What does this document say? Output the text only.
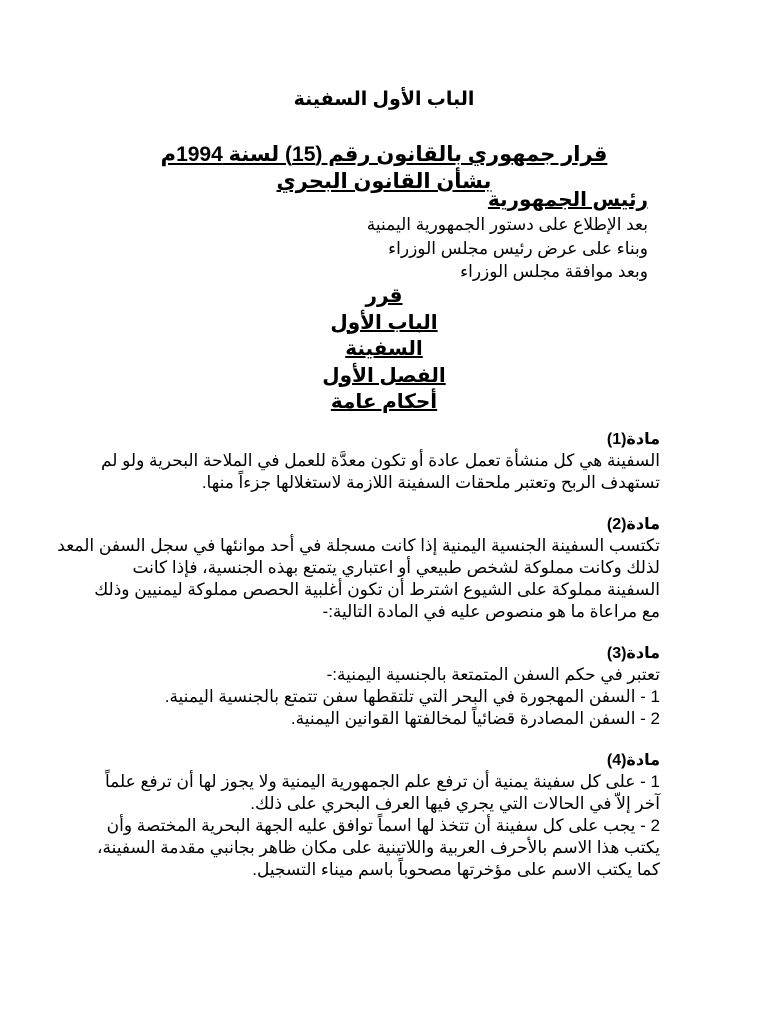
الباب الأول السفينة
قرار جمهوري بالقانون رقم (15) لسنة 1994م
بشأن القانون البحري
رئيس الجمهورية
بعد الإطلاع على دستور الجمهورية اليمنية
وبناء على عرض رئيس مجلس الوزراء
وبعد موافقة مجلس الوزراء
قرر
الباب الأول
السفينة
الفصل الأول
أحكام عامة
مادة(1)
السفينة هي كل منشأة تعمل عادة أو تكون معدَّة للعمل في الملاحة البحرية ولو لم
تستهدف الربح وتعتبر ملحقات السفينة اللازمة لاستغلالها جزءاً منها.
مادة(2)
تكتسب السفينة الجنسية اليمنية إذا كانت مسجلة في أحد موانئها في سجل السفن المعد
لذلك وكانت مملوكة لشخص طبيعي أو اعتباري يتمتع بهذه الجنسية، فإذا كانت
السفينة مملوكة على الشيوع اشترط أن تكون أغلبية الحصص مملوكة ليمنيين وذلك
مع مراعاة ما هو منصوص عليه في المادة التالية:-
مادة(3)
تعتبر في حكم السفن المتمتعة بالجنسية اليمنية:-
1 - السفن المهجورة في البحر التي تلتقطها سفن تتمتع بالجنسية اليمنية.
2 - السفن المصادرة قضائياً لمخالفتها القوانين اليمنية.
مادة(4)
1 - على كل سفينة يمنية أن ترفع علم الجمهورية اليمنية ولا يجوز لها أن ترفع علماً
آخر إلاّ في الحالات التي يجري فيها العرف البحري على ذلك.
2 - يجب على كل سفينة أن تتخذ لها اسماً توافق عليه الجهة البحرية المختصة وأن
يكتب هذا الاسم بالأحرف العربية واللاتينية على مكان ظاهر بجانبي مقدمة السفينة،
كما يكتب الاسم على مؤخرتها مصحوباً باسم ميناء التسجيل.
